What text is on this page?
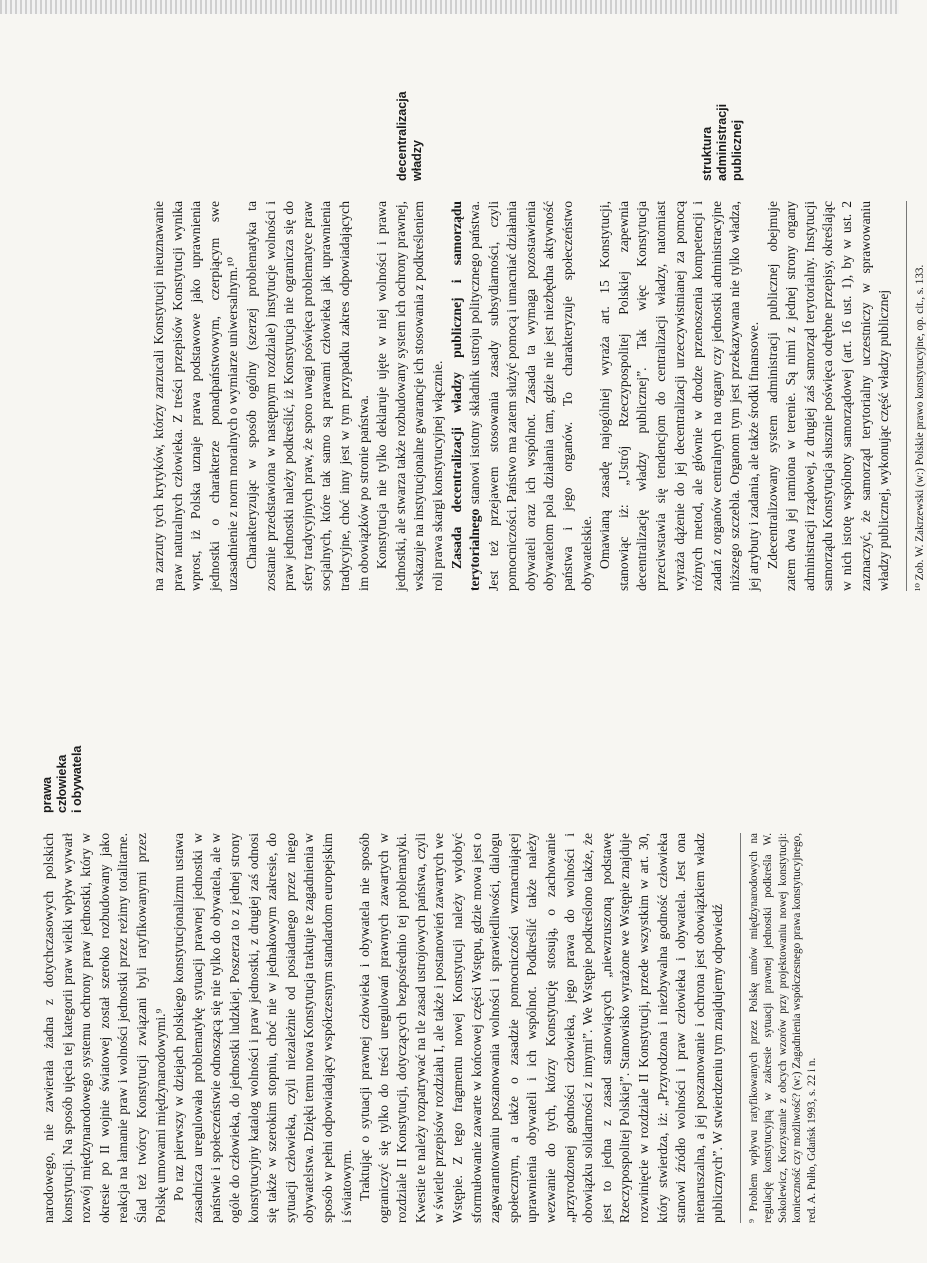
narodowego, nie zawierała żadna z dotychczasowych polskich konstytucji. Na sposób ujęcia tej kategorii praw wielki wpływ wywarł rozwój międzynarodowego systemu ochrony praw jednostki, który w okresie po II wojnie światowej został szeroko rozbudowany jako reakcja na łamanie praw i wolności jednostki przez reżimy totalitarne. Ślad też twórcy Konstytucji związani byli ratyfikowanymi przez Polskę umowami międzynarodowymi.⁹ Po raz pierwszy w dziejach polskiego konstytucjonalizmu ustawa zasadnicza uregulowała problematykę sytuacji prawnej jednostki w państwie i społeczeństwie odnoszącą się nie tylko do obywatela, ale w ogóle do człowieka, do jednostki ludzkiej. Poszerza to z jednej strony konstytucyjny katalog wolności i praw jednostki, z drugiej zaś odnosi się także w szerokim stopniu, choć nie w jednakowym zakresie, do sytuacji człowieka, czyli niezależnie od posiadanego przez niego obywatelstwa. Dzięki temu nowa Konstytucja traktuje te zagadnienia w sposób w pełni odpowiadający współczesnym standardom europejskim i światowym. Traktując o sytuacji prawnej człowieka i obywatela nie sposób ograniczyć się tylko do treści uregulowań prawnych zawartych w rozdziale II Konstytucji, dotyczących bezpośrednio tej problematyki. Kwestie te należy rozpatrywać na tle zasad ustrojowych państwa, czyli w świetle przepisów rozdziału I, ale także i postanowień zawartych we Wstępie. Z tego fragmentu nowej Konstytucji należy wydobyć sformułowanie zawarte w końcowej części Wstępu, gdzie mowa jest o zagwarantowaniu poszanowania wolności i sprawiedliwości, dialogu społecznym, a także o zasadzie pomocniczości wzmacniającej uprawnienia obywateli i ich wspólnot. Podkreślić także należy wezwanie do tych, którzy Konstytucję stosują, o zachowanie „przyrodzonej godności człowieka, jego prawa do wolności i obowiązku solidarności z innymi”. We Wstępie podkreślono także, że jest to jedna z zasad stanowiących „niewzruszoną podstawę Rzeczypospolitej Polskiej”. Stanowisko wyrażone we Wstępie znajduje rozwinięcie w rozdziale II Konstytucji, przede wszystkim w art. 30, który stwierdza, iż: „Przyrodzona i niezbywalna godność człowieka stanowi źródło wolności i praw człowieka i obywatela. Jest ona nienaruszalna, a jej poszanowanie i ochrona jest obowiązkiem władz publicznych”. W stwierdzeniu tym znajdujemy odpowiedź	⁹ Problem wpływu ratyfikowanych przez Polskę umów międzynarodowych na regulację konstytucyjną w zakresie sytuacji prawnej jednostki podkreśla W. Sokolewicz, Korzystanie z obcych wzorów przy projektowaniu nowej konstytucji: konieczność czy możliwość? (w:) Zagadnienia współczesnego prawa konstytucyjnego, red. A. Pułło, Gdańsk 1993, s. 22 i n.
prawa
człowieka
i obywatela

na zarzuty tych krytyków, którzy zarzucali Konstytucji nieuznawanie praw naturalnych człowieka. Z treści przepisów Konstytucji wynika wprost, iż Polska uznaje prawa podstawowe jako uprawnienia jednostki o charakterze ponadpaństwowym, czerpiącym swe uzasadnienie z norm moralnych o wymiarze uniwersalnym.¹⁰ Charakteryzując w sposób ogólny (szerzej problematyka ta zostanie przedstawiona w następnym rozdziale) instytucje wolności i praw jednostki należy podkreślić, iż Konstytucja nie ogranicza się do sfery tradycyjnych praw, że sporo uwagi poświęca problematyce praw socjalnych, które tak samo są prawami człowieka jak uprawnienia tradycyjne, choć inny jest w tym przypadku zakres odpowiadających im obowiązków po stronie państwa. Konstytucja nie tylko deklaruje ujęte w niej wolności i prawa jednostki, ale stwarza także rozbudowany system ich ochrony prawnej, wskazuje na instytucjonalne gwarancje ich stosowania z podkreśleniem roli prawa skargi konstytucyjnej włącznie. Zasada decentralizacji władzy publicznej i samorządu terytorialnego stanowi istotny składnik ustroju politycznego państwa. Jest też przejawem stosowania zasady subsydiarności, czyli pomocniczości. Państwo ma zatem służyć pomocą i umacniać działania obywateli oraz ich wspólnot. Zasada ta wymaga pozostawienia obywatelom pola działania tam, gdzie nie jest niezbędna aktywność państwa i jego organów. To charakteryzuje społeczeństwo obywatelskie. Omawianą zasadę najogólniej wyraża art. 15 Konstytucji, stanowiąc iż: „Ustrój Rzeczypospolitej Polskiej zapewnia decentralizację władzy publicznej”. Tak więc Konstytucja przeciwstawia się tendencjom do centralizacji władzy, natomiast wyraża dążenie do jej decentralizacji urzeczywistnianej za pomocą różnych metod, ale głównie w drodze przenoszenia kompetencji i zadań z organów centralnych na organy czy jednostki administracyjne niższego szczebla. Organom tym jest przekazywana nie tylko władza, jej atrybuty i zadania, ale także środki finansowe. Zdecentralizowany system administracji publicznej obejmuje zatem dwa jej ramiona w terenie. Są nimi z jednej strony organy administracji rządowej, z drugiej zaś samorząd terytorialny. Instytucji samorządu Konstytucja słusznie poświęca odrębne przepisy, określając w nich istotę wspólnoty samorządowej (art. 16 ust. 1), by w ust. 2 zaznaczyć, że samorząd terytorialny uczestniczy w sprawowaniu władzy publicznej, wykonując część władzy publicznej	¹⁰ Zob. W. Zakrzewski (w:) Polskie prawo konstytucyjne, op. cit., s. 133.
decentralizacja
władzy	struktura
administracji
publicznej
